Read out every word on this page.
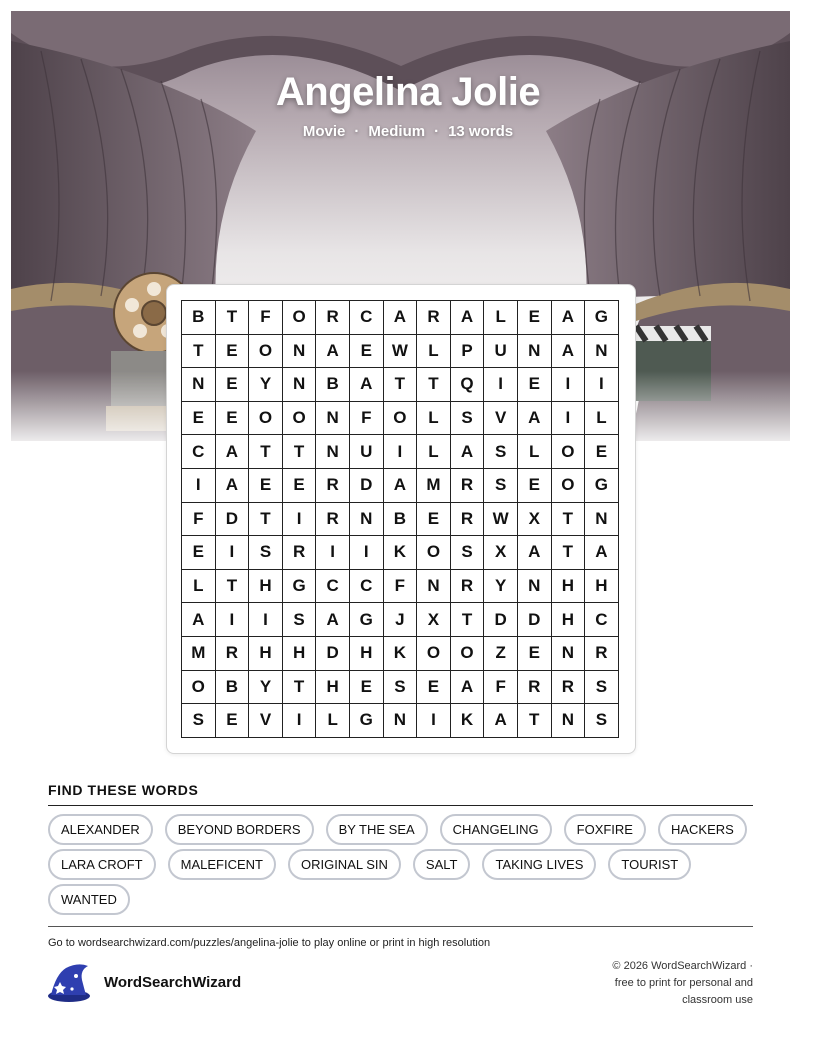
Angelina Jolie
Movie · Medium · 13 words
B	T	F	O	R	C	A	R	A	L	E	A	G
T	E	O	N	A	E	W	L	P	U	N	A	N
N	E	Y	N	B	A	T	T	Q	I	E	I	I
E	E	O	O	N	F	O	L	S	V	A	I	L
C	A	T	T	N	U	I	L	A	S	L	O	E
I	A	E	E	R	D	A	M	R	S	E	O	G
F	D	T	I	R	N	B	E	R	W	X	T	N
E	I	S	R	I	I	K	O	S	X	A	T	A
L	T	H	G	C	C	F	N	R	Y	N	H	H
A	I	I	S	A	G	J	X	T	D	D	H	C
M	R	H	H	D	H	K	O	O	Z	E	N	R
O	B	Y	T	H	E	S	E	A	F	R	R	S
S	E	V	I	L	G	N	I	K	A	T	N	S
FIND THESE WORDS
ALEXANDER	BEYOND BORDERS	BY THE SEA	CHANGELING	FOXFIRE	HACKERS
LARA CROFT	MALEFICENT	ORIGINAL SIN	SALT	TAKING LIVES	TOURIST
WANTED
Go to wordsearchwizard.com/puzzles/angelina-jolie to play online or print in high resolution
WordSearchWizard
© 2026 WordSearchWizard ·
free to print for personal and
classroom use
